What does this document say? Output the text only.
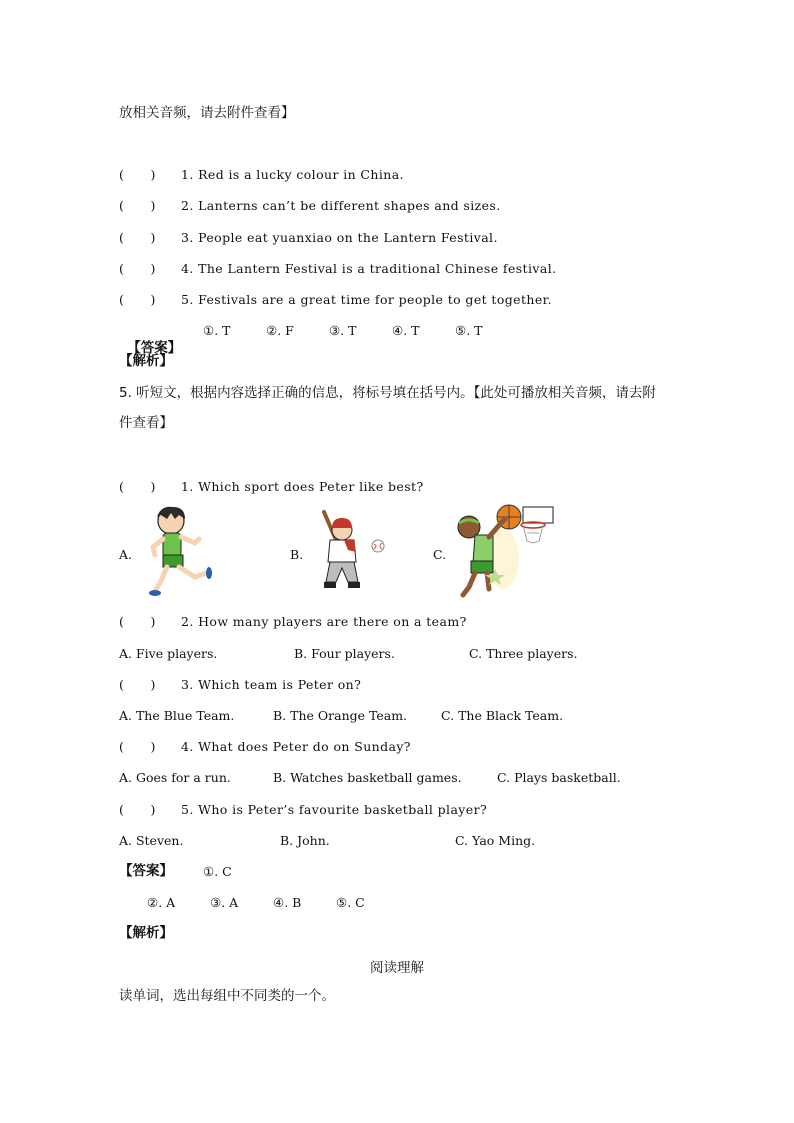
放相关音频，请去附件查看】
(      ) 1. Red is a lucky colour in China.
(      ) 2. Lanterns can’t be different shapes and sizes.
(      ) 3. People eat yuanxiao on the Lantern Festival.
(      ) 4. The Lantern Festival is a traditional Chinese festival.
(      ) 5. Festivals are a great time for people to get together.

【答案】

①. T	②. F	③. T	④. T	⑤. T
【解析】
5. 听短文，根据内容选择正确的信息，将标号填在括号内。【此处可播放相关音频，请去附
件查看】
(      ) 1. Which sport does Peter like best?
A.	B.	C.
(      ) 2. How many players are there on a team?
A. Five players.	B. Four players.	C. Three players.
(      ) 3. Which team is Peter on?
A. The Blue Team.	B. The Orange Team.	C. The Black Team.
(      ) 4. What does Peter do on Sunday?
A. Goes for a run.	B. Watches basketball games.	C. Plays basketball.
(      ) 5. Who is Peter’s favourite basketball player?
A. Steven.	B. John.	C. Yao Ming.
【答案】 ①. C
②. A	③. A	④. B	⑤. C
【解析】
阅读理解
读单词，选出每组中不同类的一个。
